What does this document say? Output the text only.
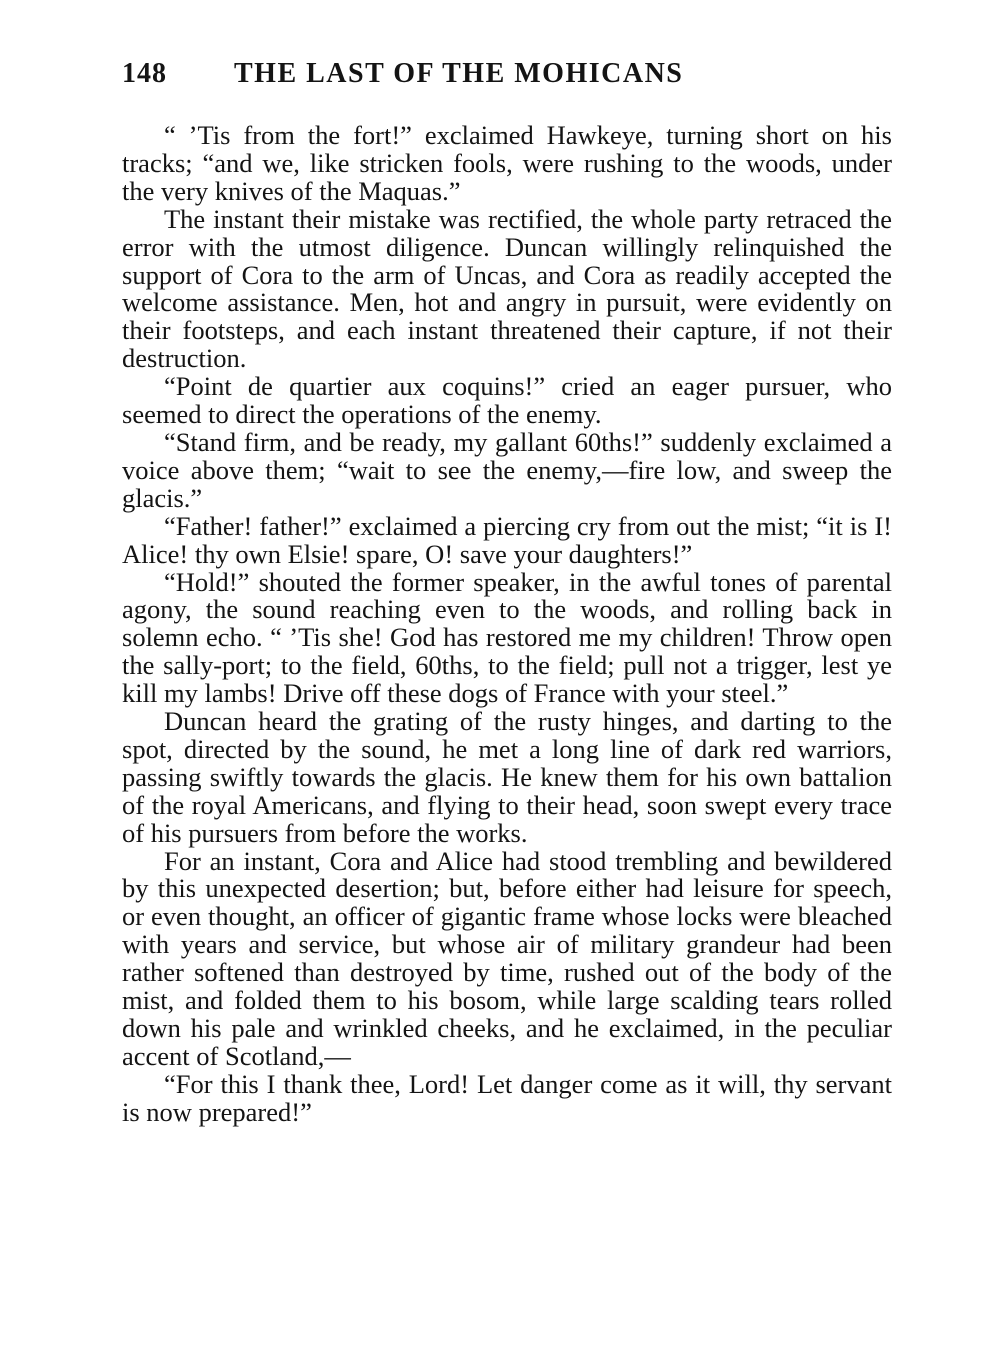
148 THE LAST OF THE MOHICANS

“ ’Tis from the fort!” exclaimed Hawkeye, turning short on his tracks; “and we, like stricken fools, were rushing to the woods, under the very knives of the Maquas.”

The instant their mistake was rectified, the whole party retraced the error with the utmost diligence. Duncan willingly relinquished the support of Cora to the arm of Uncas, and Cora as readily accepted the welcome assistance. Men, hot and angry in pursuit, were evidently on their footsteps, and each instant threatened their capture, if not their destruction.

“Point de quartier aux coquins!” cried an eager pursuer, who seemed to direct the operations of the enemy.

“Stand firm, and be ready, my gallant 60ths!” suddenly exclaimed a voice above them; “wait to see the enemy,—fire low, and sweep the glacis.”

“Father! father!” exclaimed a piercing cry from out the mist; “it is I! Alice! thy own Elsie! spare, O! save your daughters!”

“Hold!” shouted the former speaker, in the awful tones of parental agony, the sound reaching even to the woods, and rolling back in solemn echo. “ ’Tis she! God has restored me my children! Throw open the sally-port; to the field, 60ths, to the field; pull not a trigger, lest ye kill my lambs! Drive off these dogs of France with your steel.”

Duncan heard the grating of the rusty hinges, and darting to the spot, directed by the sound, he met a long line of dark red warriors, passing swiftly towards the glacis. He knew them for his own battalion of the royal Americans, and flying to their head, soon swept every trace of his pursuers from before the works.

For an instant, Cora and Alice had stood trembling and bewildered by this unexpected desertion; but, before either had leisure for speech, or even thought, an officer of gigantic frame whose locks were bleached with years and service, but whose air of military grandeur had been rather softened than destroyed by time, rushed out of the body of the mist, and folded them to his bosom, while large scalding tears rolled down his pale and wrinkled cheeks, and he exclaimed, in the peculiar accent of Scotland,—

“For this I thank thee, Lord! Let danger come as it will, thy servant is now prepared!”
